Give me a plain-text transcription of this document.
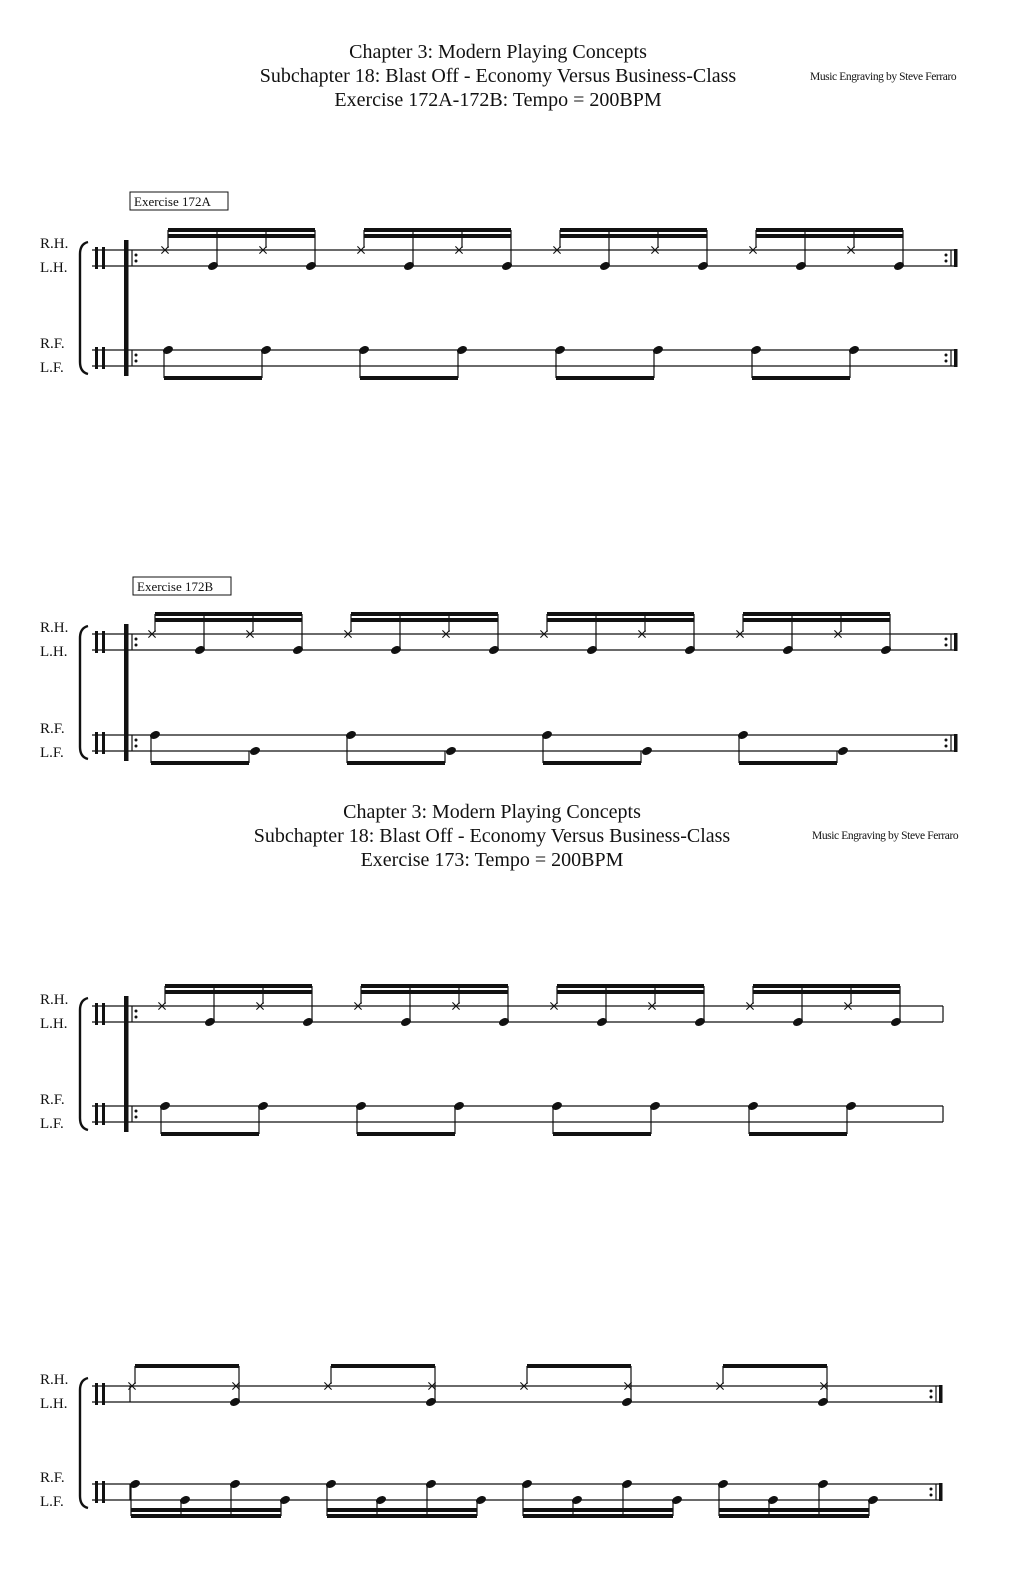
Chapter 3: Modern Playing Concepts
Subchapter 18: Blast Off - Economy Versus Business-Class
Exercise 172A-172B: Tempo = 200BPM
Music Engraving by Steve Ferraro
Chapter 3: Modern Playing Concepts
Subchapter 18: Blast Off - Economy Versus Business-Class
Exercise 173: Tempo = 200BPM
Music Engraving by Steve Ferraro
R.H.
L.H.
R.F.
L.F.
Exercise 172A
R.H.
L.H.
R.F.
L.F.
Exercise 172B
R.H.
L.H.
R.F.
L.F.
R.H.
L.H.
R.F.
L.F.
